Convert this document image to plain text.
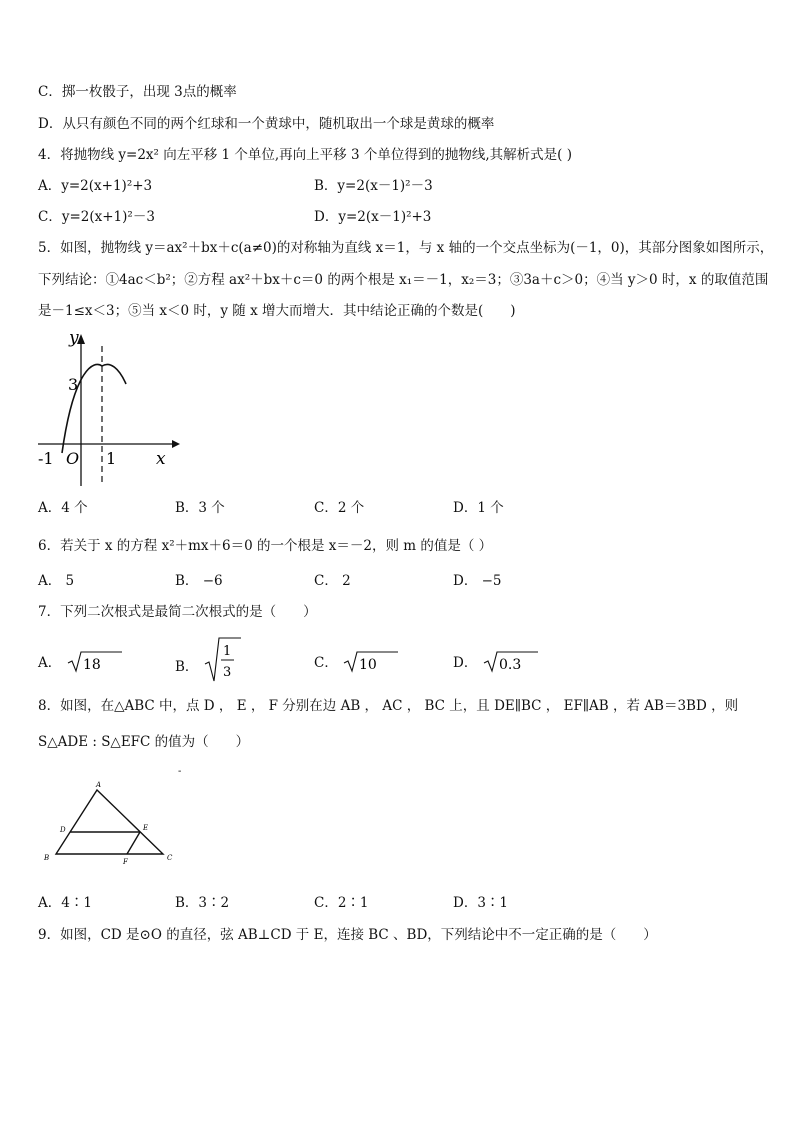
C．掷一枚骰子，出现 3点的概率
D．从只有颜色不同的两个红球和一个黄球中，随机取出一个球是黄球的概率
4．将抛物线 y=2x² 向左平移 1 个单位,再向上平移 3 个单位得到的抛物线,其解析式是( )
A．y=2(x+1)²+3	B．y=2(x－1)²－3
C．y=2(x+1)²－3	D．y=2(x－1)²+3
5．如图，抛物线 y＝ax²＋bx＋c(a≠0)的对称轴为直线 x＝1，与 x 轴的一个交点坐标为(－1，0)，其部分图象如图所示，
下列结论：①4ac＜b²；②方程 ax²＋bx＋c＝0 的两个根是 x₁＝－1，x₂＝3；③3a＋c＞0；④当 y＞0 时，x 的取值范围
是－1≤x＜3；⑤当 x＜0 时，y 随 x 增大而增大．其中结论正确的个数是(　　)
y
x
3
-1 O 1
A．4 个	B．3 个	C．2 个	D．1 个
6．若关于 x 的方程 x²＋mx＋6＝0 的一个根是 x＝－2，则 m 的值是（ ）
A． 5	B． −6	C． 2	D． −5
7．下列二次根式是最简二次根式的是（　　）
A． 18	B．
1
3
C． 10	D． 0.3
8．如图，在△ABC 中，点 D ， E ， F 分别在边 AB ， AC ， BC 上，且 DE∥BC ， EF∥AB ，若 AB＝3BD ，则
S△ADE : S△EFC 的值为（　　）
-
A
B	C
D	E
F
A．4∶1	B．3∶2	C．2∶1	D．3∶1
9．如图，CD 是⊙O 的直径，弦 AB⊥CD 于 E，连接 BC 、BD，下列结论中不一定正确的是（　　）
